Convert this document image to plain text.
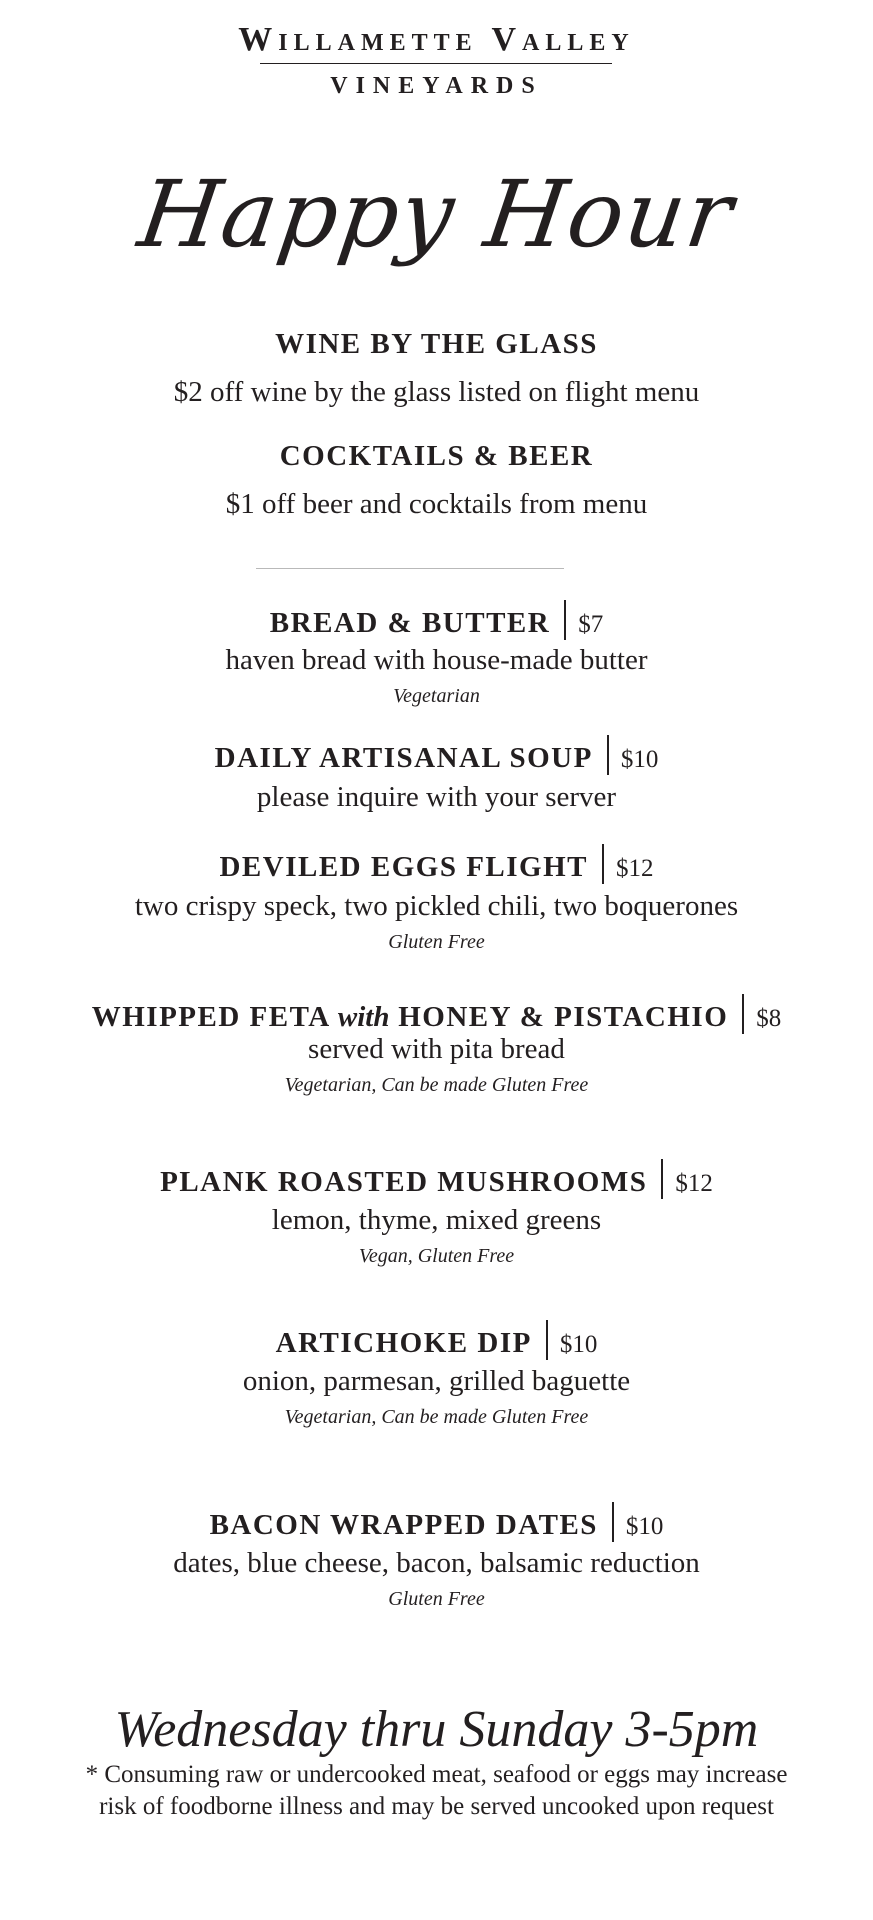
Willamette Valley
VINEYARDS
Happy Hour
WINE BY THE GLASS
$2 off wine by the glass listed on flight menu
COCKTAILS & BEER
$1 off beer and cocktails from menu
BREAD & BUTTER $7
haven bread with house-made butter
Vegetarian
DAILY ARTISANAL SOUP $10
please inquire with your server
DEVILED EGGS FLIGHT $12
two crispy speck, two pickled chili, two boquerones
Gluten Free
WHIPPED FETA with HONEY & PISTACHIO $8
served with pita bread
Vegetarian, Can be made Gluten Free
PLANK ROASTED MUSHROOMS $12
lemon, thyme, mixed greens
Vegan, Gluten Free
ARTICHOKE DIP $10
onion, parmesan, grilled baguette
Vegetarian, Can be made Gluten Free
BACON WRAPPED DATES $10
dates, blue cheese, bacon, balsamic reduction
Gluten Free
Wednesday thru Sunday 3-5pm
* Consuming raw or undercooked meat, seafood or eggs may increase
risk of foodborne illness and may be served uncooked upon request
